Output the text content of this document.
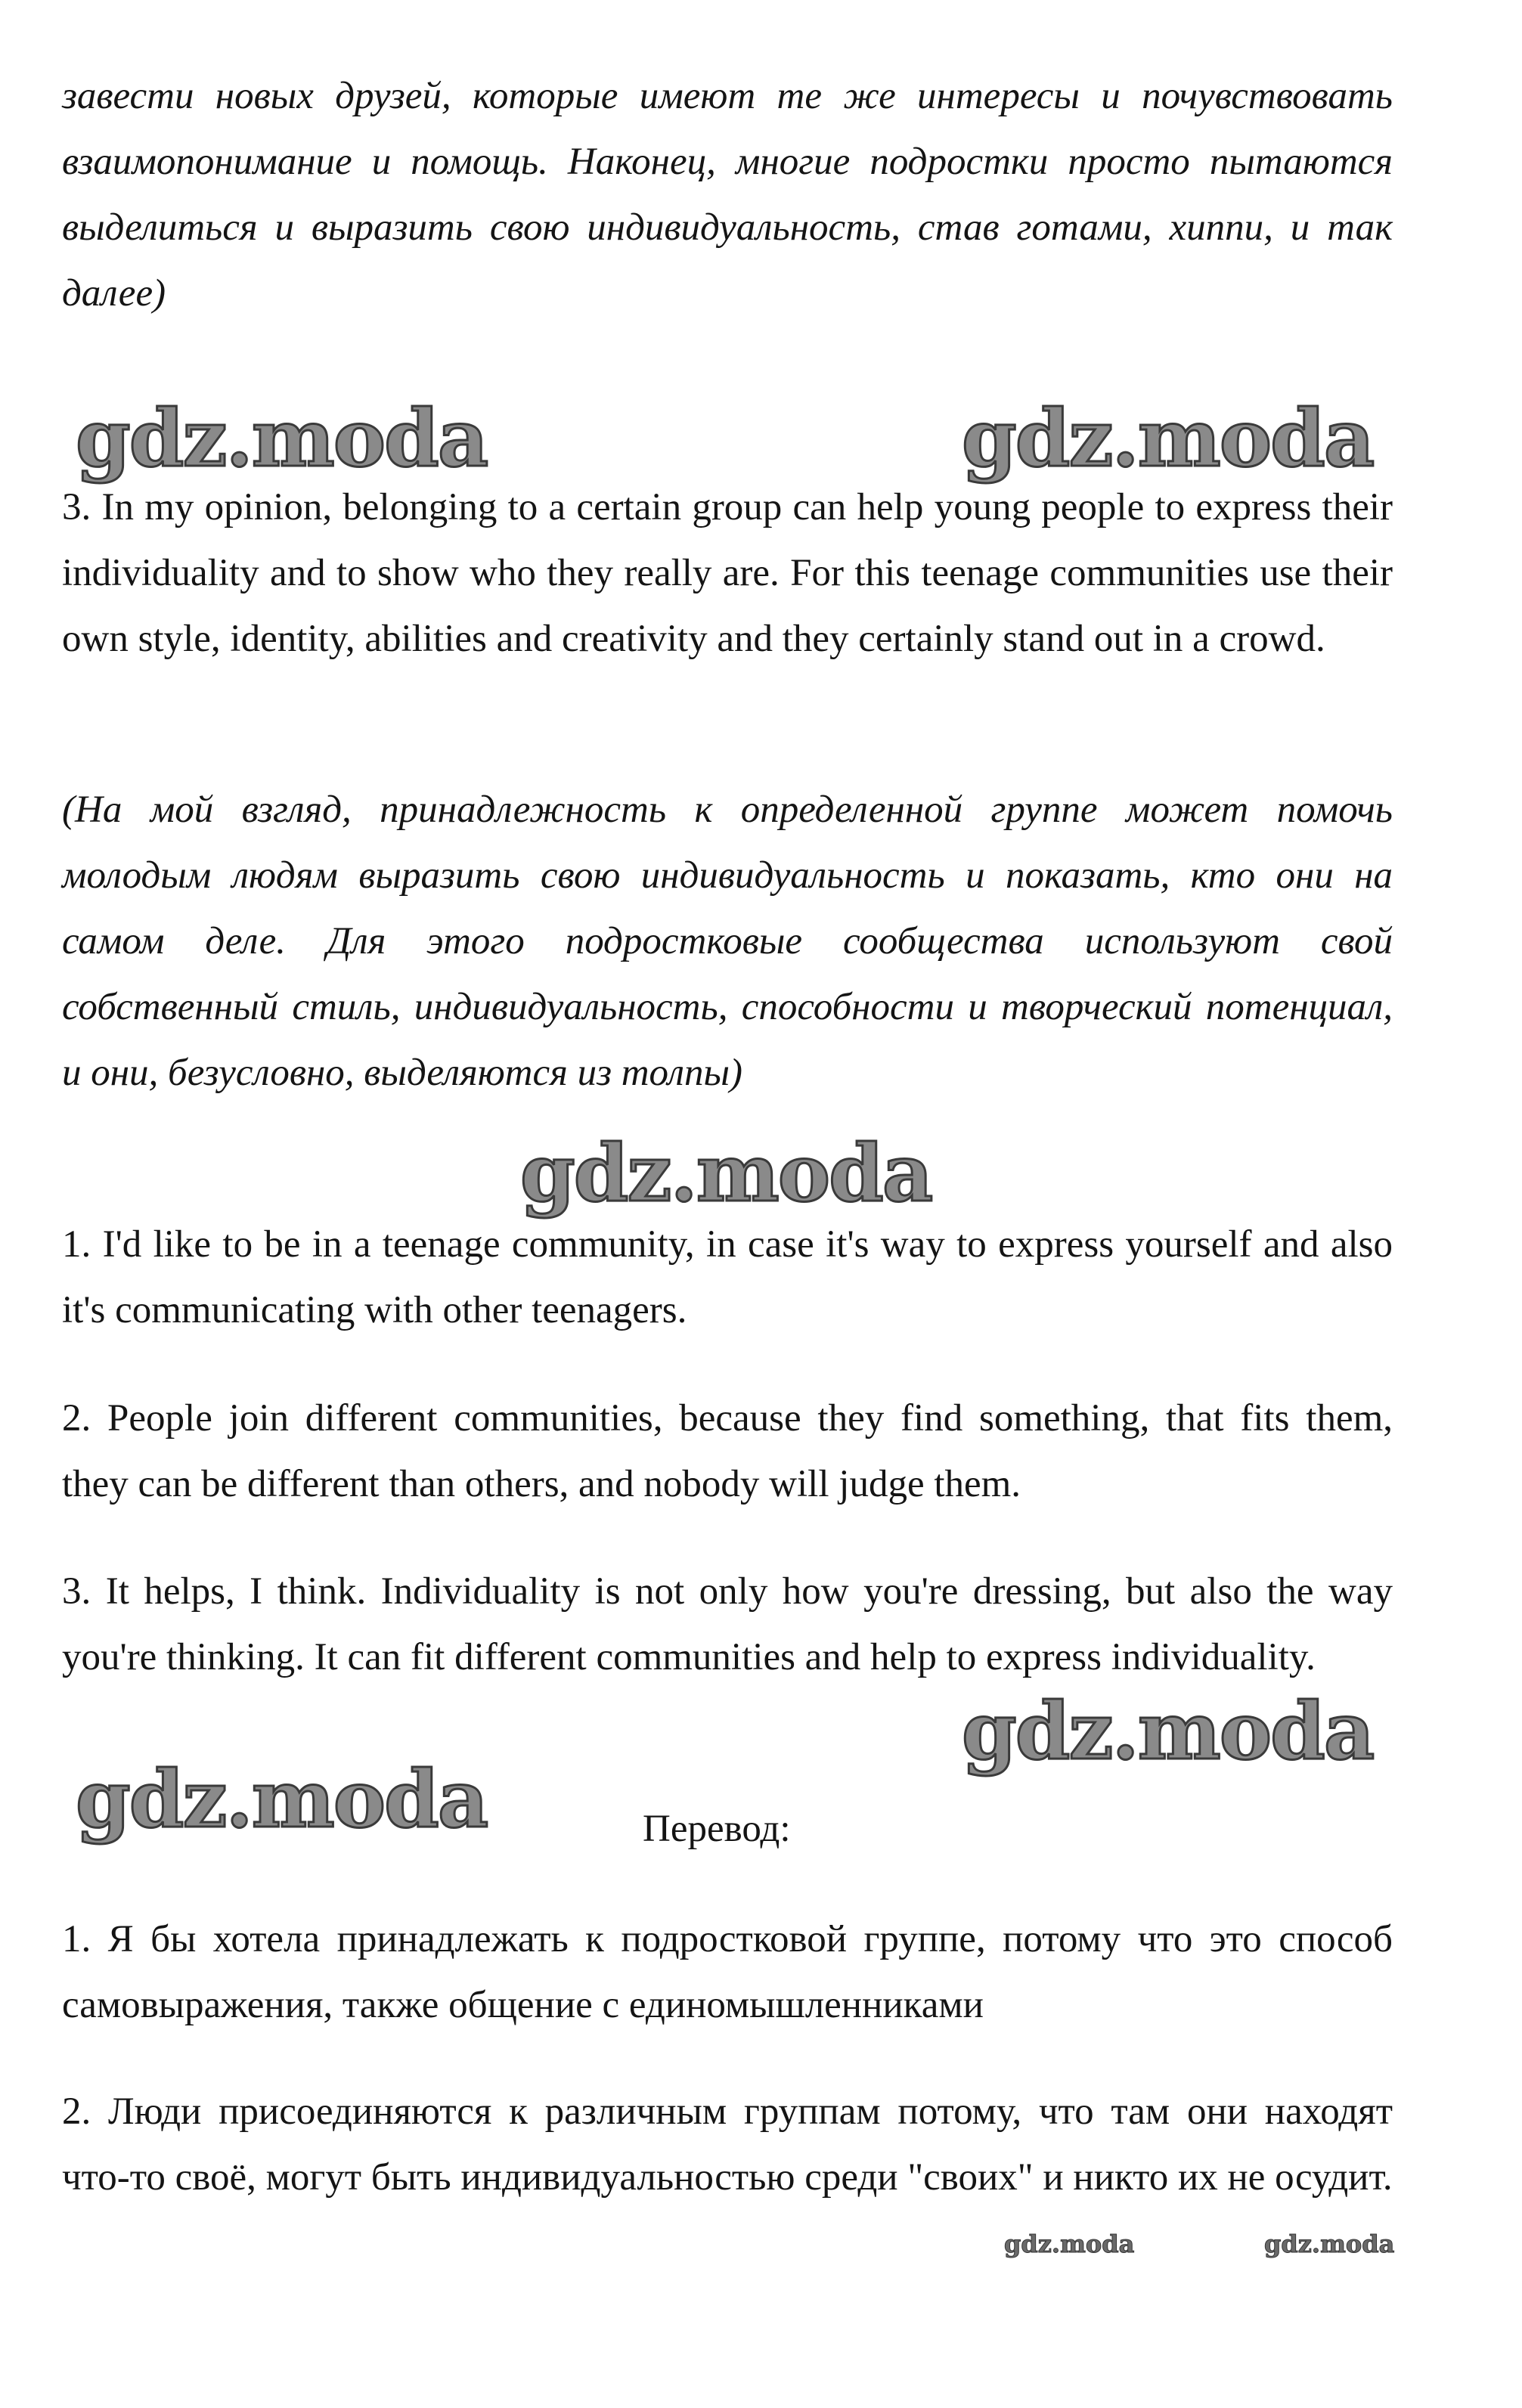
завести новых друзей, которые имеют те же интересы и почувствовать взаимопонимание и помощь. Наконец, многие подростки просто пытаются выделиться и выразить свою индивидуальность, став готами, хиппи, и так далее)

gdz.moda	gdz.moda

3. In my opinion, belonging to a certain group can help young people to express their individuality and to show who they really are. For this teenage communities use their own style, identity, abilities and creativity and they certainly stand out in a crowd.

(На мой взгляд, принадлежность к определенной группе может помочь молодым людям выразить свою индивидуальность и показать, кто они на самом деле. Для этого подростковые сообщества используют свой собственный стиль, индивидуальность, способности и творческий потенциал, и они, безусловно, выделяются из толпы)

gdz.moda

1. I'd like to be in a teenage community, in case it's way to express yourself and also it's communicating with other teenagers.

2. People join different communities, because they find something, that fits them, they can be different than others, and nobody will judge them.

3. It helps, I think. Individuality is not only how you're dressing, but also the way you're thinking. It can fit different communities and help to express individuality.

gdz.moda
gdz.moda	Перевод:

1. Я бы хотела принадлежать к подростковой группе, потому что это способ самовыражения, также общение с единомышленниками

2. Люди присоединяются к различным группам потому, что там они находят что-то своё, могут быть индивидуальностью среди "своих" и никто их не осудит.

gdz.moda	gdz.moda
